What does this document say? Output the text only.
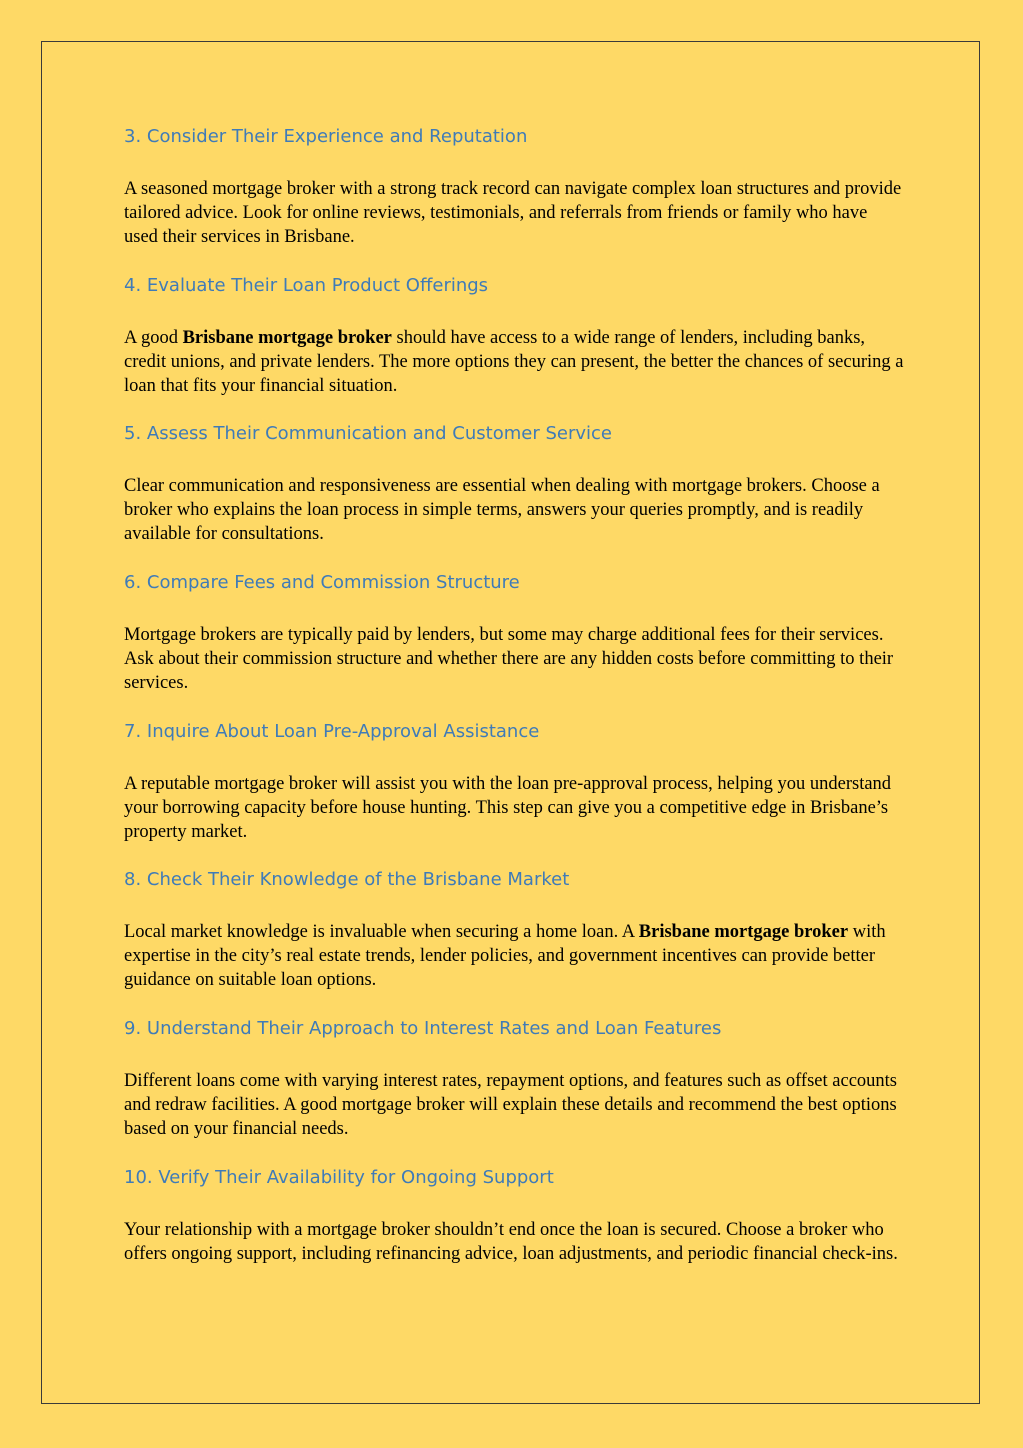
3. Consider Their Experience and Reputation

A seasoned mortgage broker with a strong track record can navigate complex loan structures and provide tailored advice. Look for online reviews, testimonials, and referrals from friends or family who have used their services in Brisbane.

4. Evaluate Their Loan Product Offerings

A good Brisbane mortgage broker should have access to a wide range of lenders, including banks, credit unions, and private lenders. The more options they can present, the better the chances of securing a loan that fits your financial situation.

5. Assess Their Communication and Customer Service

Clear communication and responsiveness are essential when dealing with mortgage brokers. Choose a broker who explains the loan process in simple terms, answers your queries promptly, and is readily available for consultations.

6. Compare Fees and Commission Structure

Mortgage brokers are typically paid by lenders, but some may charge additional fees for their services. Ask about their commission structure and whether there are any hidden costs before committing to their services.

7. Inquire About Loan Pre-Approval Assistance

A reputable mortgage broker will assist you with the loan pre-approval process, helping you understand your borrowing capacity before house hunting. This step can give you a competitive edge in Brisbane’s property market.

8. Check Their Knowledge of the Brisbane Market

Local market knowledge is invaluable when securing a home loan. A Brisbane mortgage broker with expertise in the city’s real estate trends, lender policies, and government incentives can provide better guidance on suitable loan options.

9. Understand Their Approach to Interest Rates and Loan Features

Different loans come with varying interest rates, repayment options, and features such as offset accounts and redraw facilities. A good mortgage broker will explain these details and recommend the best options based on your financial needs.

10. Verify Their Availability for Ongoing Support

Your relationship with a mortgage broker shouldn’t end once the loan is secured. Choose a broker who offers ongoing support, including refinancing advice, loan adjustments, and periodic financial check-ins.
